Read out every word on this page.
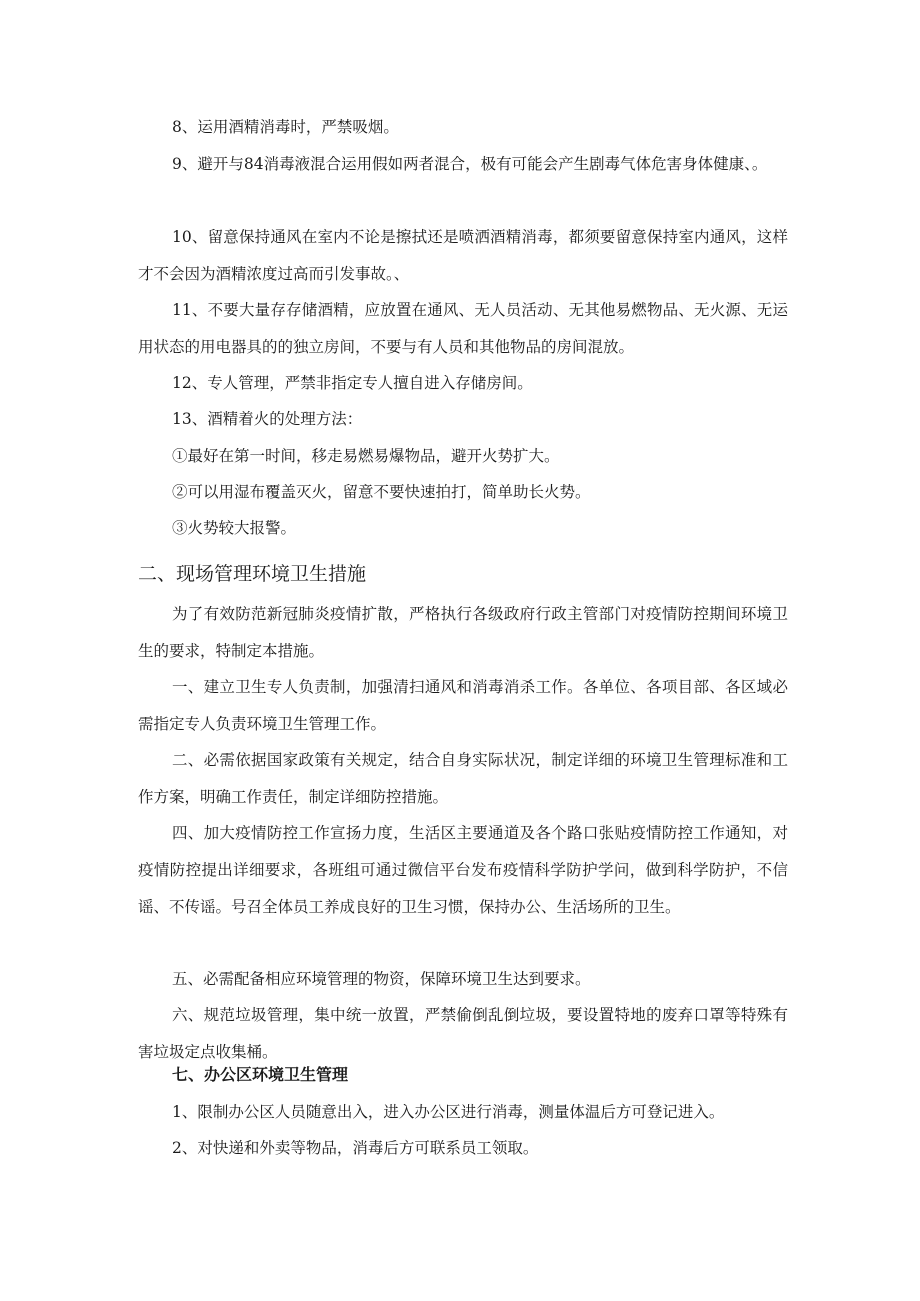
8、运用酒精消毒时，严禁吸烟。

9、避开与84消毒液混合运用假如两者混合，极有可能会产生剧毒气体危害身体健康、。

10、留意保持通风在室内不论是擦拭还是喷洒酒精消毒，都须要留意保持室内通风，这样才不会因为酒精浓度过高而引发事故。、

11、不要大量存存储酒精，应放置在通风、无人员活动、无其他易燃物品、无火源、无运用状态的用电器具的的独立房间，不要与有人员和其他物品的房间混放。

12、专人管理，严禁非指定专人擅自进入存储房间。

13、酒精着火的处理方法：

①最好在第一时间，移走易燃易爆物品，避开火势扩大。

②可以用湿布覆盖灭火，留意不要快速拍打，简单助长火势。

③火势较大报警。

二、现场管理环境卫生措施

为了有效防范新冠肺炎疫情扩散，严格执行各级政府行政主管部门对疫情防控期间环境卫生的要求，特制定本措施。

一、建立卫生专人负责制，加强清扫通风和消毒消杀工作。各单位、各项目部、各区域必需指定专人负责环境卫生管理工作。

二、必需依据国家政策有关规定，结合自身实际状况，制定详细的环境卫生管理标准和工作方案，明确工作责任，制定详细防控措施。

四、加大疫情防控工作宣扬力度，生活区主要通道及各个路口张贴疫情防控工作通知，对疫情防控提出详细要求，各班组可通过微信平台发布疫情科学防护学问，做到科学防护，不信谣、不传谣。号召全体员工养成良好的卫生习惯，保持办公、生活场所的卫生。

五、必需配备相应环境管理的物资，保障环境卫生达到要求。

六、规范垃圾管理，集中统一放置，严禁偷倒乱倒垃圾，要设置特地的废弃口罩等特殊有害垃圾定点收集桶。

七、办公区环境卫生管理

1、限制办公区人员随意出入，进入办公区进行消毒，测量体温后方可登记进入。

2、对快递和外卖等物品，消毒后方可联系员工领取。
